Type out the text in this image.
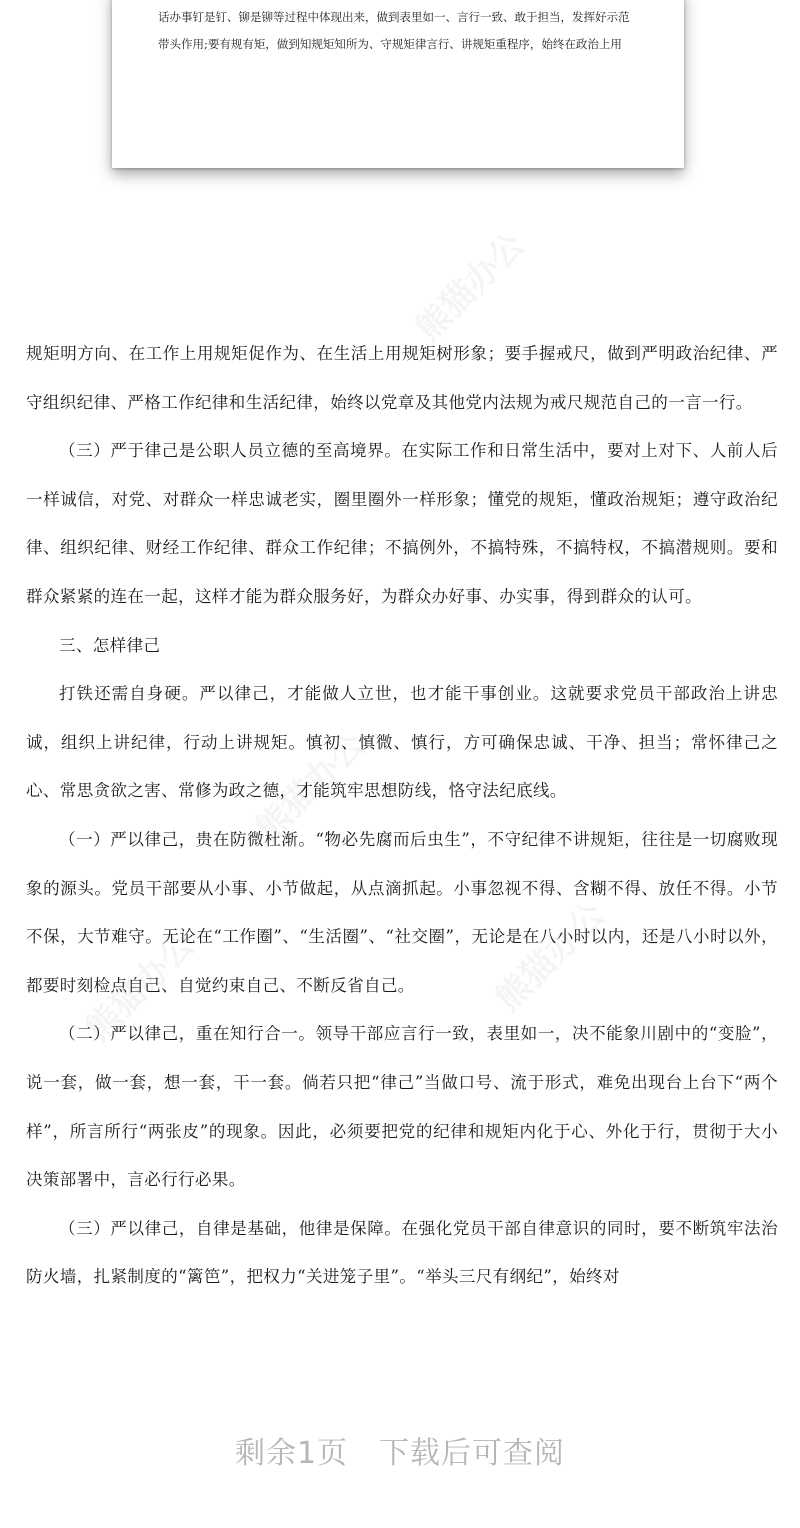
话办事钉是钉、铆是铆等过程中体现出来，做到表里如一、言行一致、敢于担当，发挥好示范
带头作用;要有规有矩，做到知规矩知所为、守规矩律言行、讲规矩重程序，始终在政治上用

规矩明方向、在工作上用规矩促作为、在生活上用规矩树形象；要手握戒尺，做到严明政治纪律、严守组织纪律、严格工作纪律和生活纪律，始终以党章及其他党内法规为戒尺规范自己的一言一行。

（三）严于律己是公职人员立德的至高境界。在实际工作和日常生活中，要对上对下、人前人后一样诚信，对党、对群众一样忠诚老实，圈里圈外一样形象；懂党的规矩，懂政治规矩；遵守政治纪律、组织纪律、财经工作纪律、群众工作纪律；不搞例外，不搞特殊，不搞特权，不搞潜规则。要和群众紧紧的连在一起，这样才能为群众服务好，为群众办好事、办实事，得到群众的认可。

三、怎样律己

打铁还需自身硬。严以律己，才能做人立世，也才能干事创业。这就要求党员干部政治上讲忠诚，组织上讲纪律，行动上讲规矩。慎初、慎微、慎行，方可确保忠诚、干净、担当；常怀律己之心、常思贪欲之害、常修为政之德，才能筑牢思想防线，恪守法纪底线。

（一）严以律己，贵在防微杜渐。“物必先腐而后虫生”，不守纪律不讲规矩，往往是一切腐败现象的源头。党员干部要从小事、小节做起，从点滴抓起。小事忽视不得、含糊不得、放任不得。小节不保，大节难守。无论在“工作圈”、“生活圈”、“社交圈”，无论是在八小时以内，还是八小时以外，都要时刻检点自己、自觉约束自己、不断反省自己。

（二）严以律己，重在知行合一。领导干部应言行一致，表里如一，决不能象川剧中的“变脸”，说一套，做一套，想一套，干一套。倘若只把“律己”当做口号、流于形式，难免出现台上台下“两个样”，所言所行“两张皮”的现象。因此，必须要把党的纪律和规矩内化于心、外化于行，贯彻于大小决策部署中，言必行行必果。

（三）严以律己，自律是基础，他律是保障。在强化党员干部自律意识的同时，要不断筑牢法治防火墙，扎紧制度的“篱笆”，把权力“关进笼子里”。“举头三尺有纲纪”，始终对

剩余1页　下载后可查阅
